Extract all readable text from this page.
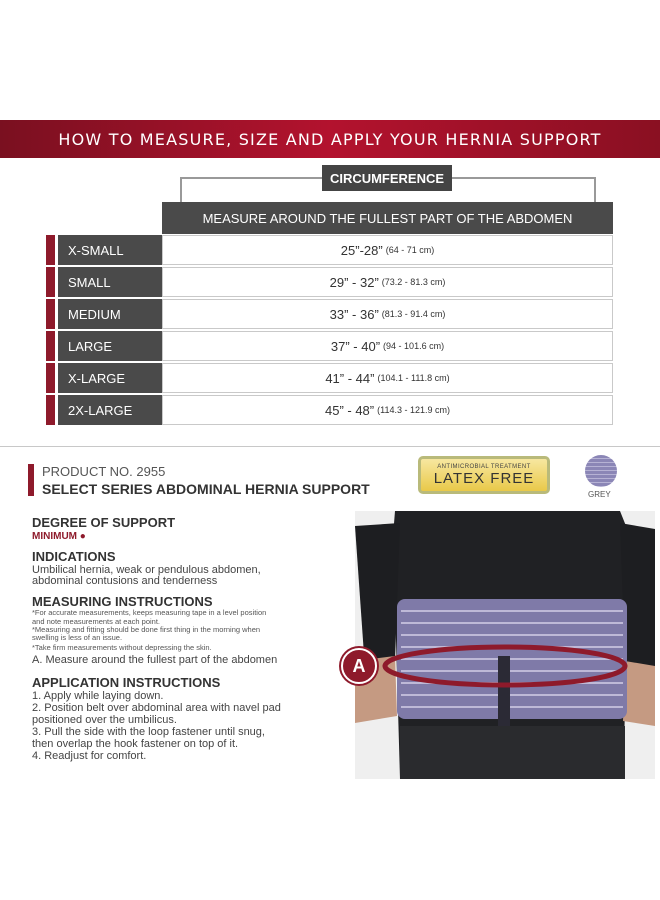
HOW TO MEASURE, SIZE AND APPLY YOUR HERNIA SUPPORT
CIRCUMFERENCE
MEASURE AROUND THE FULLEST PART OF THE ABDOMEN
X-SMALL	25”-28” (64 - 71 cm)
SMALL	29” - 32” (73.2 - 81.3 cm)
MEDIUM	33” - 36” (81.3 - 91.4 cm)
LARGE	37” - 40” (94 - 101.6 cm)
X-LARGE	41” - 44” (104.1 - 111.8 cm)
2X-LARGE	45” - 48” (114.3 - 121.9 cm)
PRODUCT NO. 2955
SELECT SERIES ABDOMINAL HERNIA SUPPORT
ANTIMICROBIAL TREATMENT
LATEX FREE
GREY
DEGREE OF SUPPORT
MINIMUM ●
INDICATIONS
Umbilical hernia, weak or pendulous abdomen,
abdominal contusions and tenderness
MEASURING INSTRUCTIONS
*For accurate measurements, keeps measuring tape in a level position
and note measurements at each point.
*Measuring and fitting should be done first thing in the morning when
swelling is less of an issue.
*Take firm measurements without depressing the skin.
A. Measure around the fullest part of the abdomen
APPLICATION INSTRUCTIONS
1. Apply while laying down.
2. Position belt over abdominal area with navel pad
positioned over the umbilicus.
3. Pull the side with the loop fastener until snug,
then overlap the hook fastener on top of it.
4. Readjust for comfort.
A
